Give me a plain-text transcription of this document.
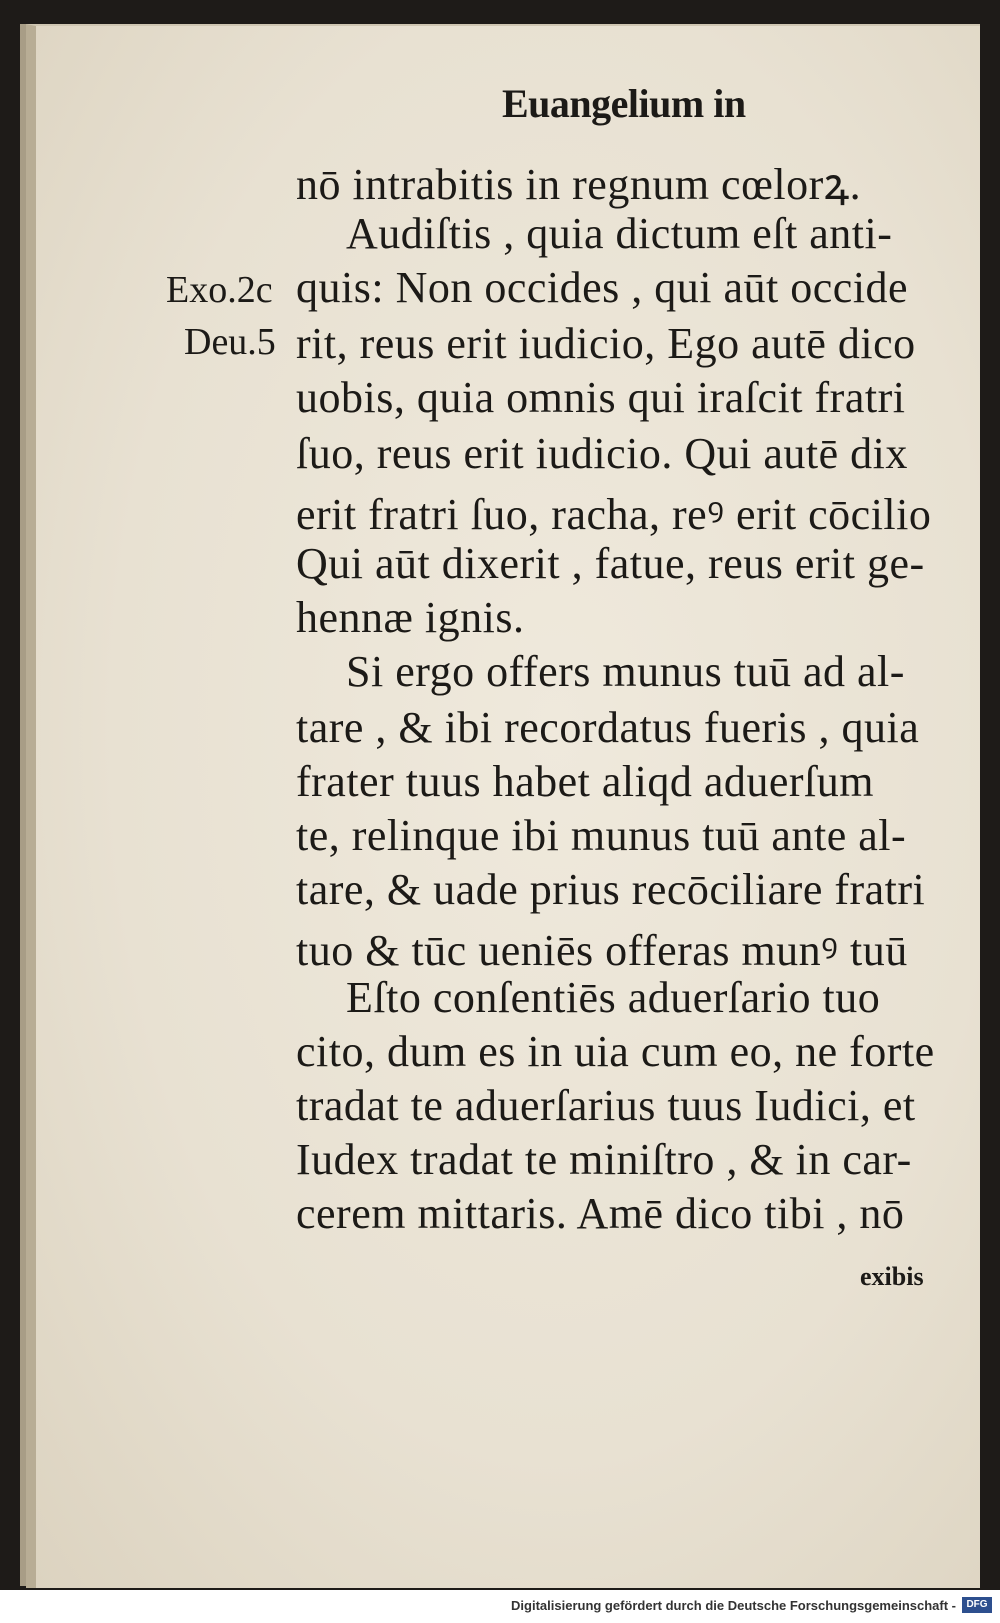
Euangelium in
Exo.2c
Deu.5
nō intrabitis in regnum cœlorꝝ.
Audiſtis , quia dictum eſt anti-
quis: Non occides , qui aūt occide
rit, reus erit iudicio, Ego autē dico
uobis, quia omnis qui iraſcit fratri
ſuo, reus erit iudicio. Qui autē dix
erit fratri ſuo, racha, reꝰ erit cōcilio
Qui aūt dixerit , fatue, reus erit ge-
hennæ ignis.
Si ergo offers munus tuū ad al-
tare , & ibi recordatus fueris , quia
frater tuus habet aliqd aduerſum
te, relinque ibi munus tuū ante al-
tare, & uade prius recōciliare fratri
tuo & tūc ueniēs offeras munꝰ tuū
Eſto conſentiēs aduerſario tuo
cito, dum es in uia cum eo, ne forte
tradat te aduerſarius tuus Iudici, et
Iudex tradat te miniſtro , & in car-
cerem mittaris. Amē dico tibi , nō
exibis
Digitalisierung gefördert durch die Deutsche Forschungsgemeinschaft -	DFG
